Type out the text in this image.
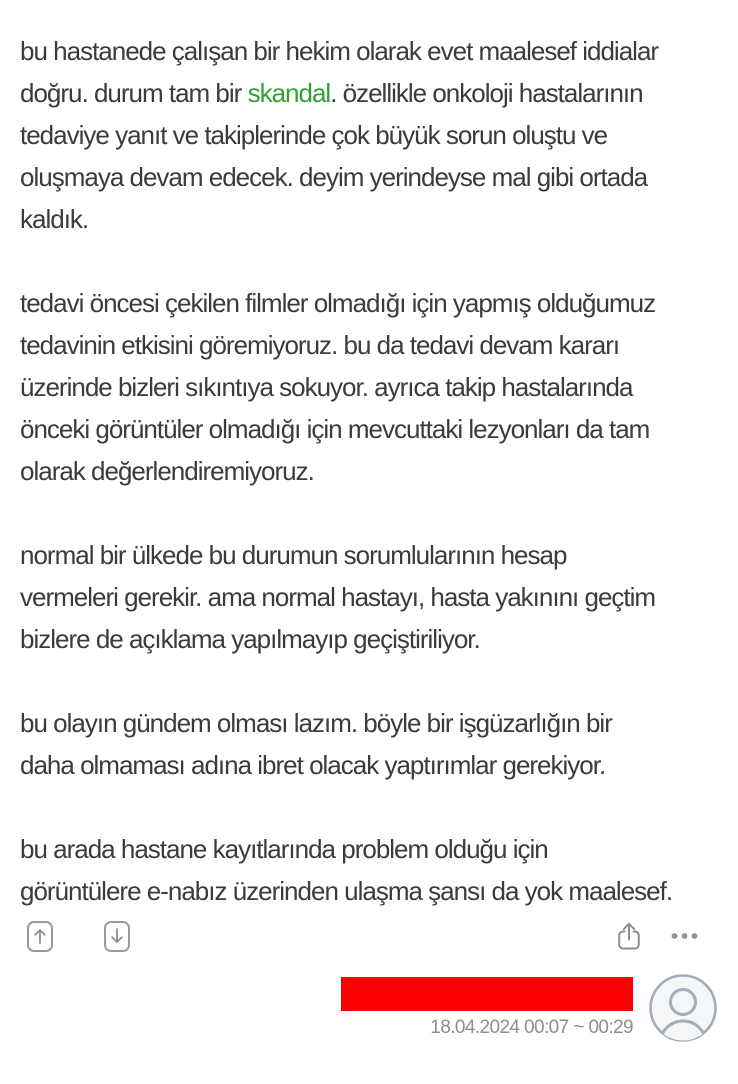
bu hastanede çalışan bir hekim olarak evet maalesef iddialar
doğru. durum tam bir skandal. özellikle onkoloji hastalarının
tedaviye yanıt ve takiplerinde çok büyük sorun oluştu ve
oluşmaya devam edecek. deyim yerindeyse mal gibi ortada
kaldık.
tedavi öncesi çekilen filmler olmadığı için yapmış olduğumuz
tedavinin etkisini göremiyoruz. bu da tedavi devam kararı
üzerinde bizleri sıkıntıya sokuyor. ayrıca takip hastalarında
önceki görüntüler olmadığı için mevcuttaki lezyonları da tam
olarak değerlendiremiyoruz.
normal bir ülkede bu durumun sorumlularının hesap
vermeleri gerekir. ama normal hastayı, hasta yakınını geçtim
bizlere de açıklama yapılmayıp geçiştiriliyor.
bu olayın gündem olması lazım. böyle bir işgüzarlığın bir
daha olmaması adına ibret olacak yaptırımlar gerekiyor.
bu arada hastane kayıtlarında problem olduğu için
görüntülere e-nabız üzerinden ulaşma şansı da yok maalesef.
18.04.2024 00:07 ~ 00:29
